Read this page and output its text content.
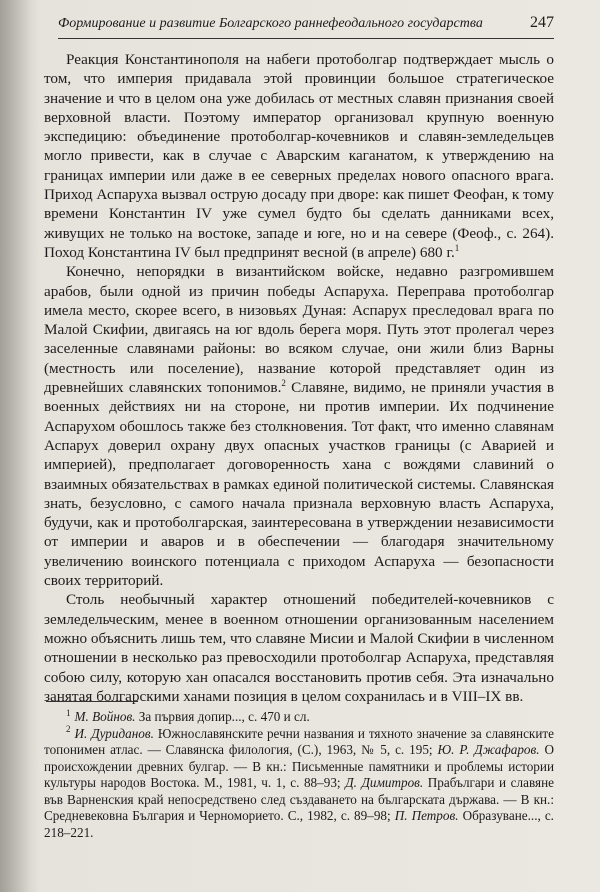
Формирование и развитие Болгарского раннефеодального государства	247

Реакция Константинополя на набеги протоболгар подтверждает мысль о том, что империя придавала этой провинции большое стратегическое значение и что в целом она уже добилась от местных славян признания своей верховной власти. Поэтому император организовал крупную военную экспедицию: объединение протоболгар-кочевников и славян-земледельцев могло привести, как в случае с Аварским каганатом, к утверждению на границах империи или даже в ее северных пределах нового опасного врага. Приход Аспаруха вызвал острую досаду при дворе: как пишет Феофан, к тому времени Константин IV уже сумел будто бы сделать данниками всех, живущих не только на востоке, западе и юге, но и на севере (Феоф., с. 264). Поход Константина IV был предпринят весной (в апреле) 680 г.$^1$

Конечно, непорядки в византийском войске, недавно разгромившем арабов, были одной из причин победы Аспаруха. Переправа протоболгар имела место, скорее всего, в низовьях Дуная: Аспарух преследовал врага по Малой Скифии, двигаясь на юг вдоль берега моря. Путь этот пролегал через заселенные славянами районы: во всяком случае, они жили близ Варны (местность или поселение), название которой представляет один из древнейших славянских топонимов.$^2$ Славяне, видимо, не приняли участия в военных действиях ни на стороне, ни против империи. Их подчинение Аспарухом обошлось также без столкновения. Тот факт, что именно славянам Аспарух доверил охрану двух опасных участков границы (с Аварией и империей), предполагает договоренность хана с вождями славиний о взаимных обязательствах в рамках единой политической системы. Славянская знать, безусловно, с самого начала признала верховную власть Аспаруха, будучи, как и протоболгарская, заинтересована в утверждении независимости от империи и аваров и в обеспечении — благодаря значительному увеличению воинского потенциала с приходом Аспаруха — безопасности своих территорий.

Столь необычный характер отношений победителей-кочевников с земледельческим, менее в военном отношении организованным населением можно объяснить лишь тем, что славяне Мисии и Малой Скифии в численном отношении в несколько раз превосходили протоболгар Аспаруха, представляя собою силу, которую хан опасался восстановить против себя. Эта изначально занятая болгарскими ханами позиция в целом сохранилась и в VIII–IX вв.

$^1$ М. Войнов. За първия допир..., с. 470 и сл.

$^2$ И. Дуриданов. Южнославянските речни названия и тяхното значение за славянските топонимен атлас. — Славянска филология, (С.), 1963, № 5, с. 195; Ю. Р. Джафаров. О происхождении древних булгар. — В кн.: Письменные памятники и проблемы истории культуры народов Востока. М., 1981, ч. 1, с. 88–93; Д. Димитров. Прабългари и славяне във Варненския край непосредствено след създаването на българската държава. — В кн.: Средневековна България и Черноморието. С., 1982, с. 89–98; П. Петров. Образуване..., с. 218–221.
